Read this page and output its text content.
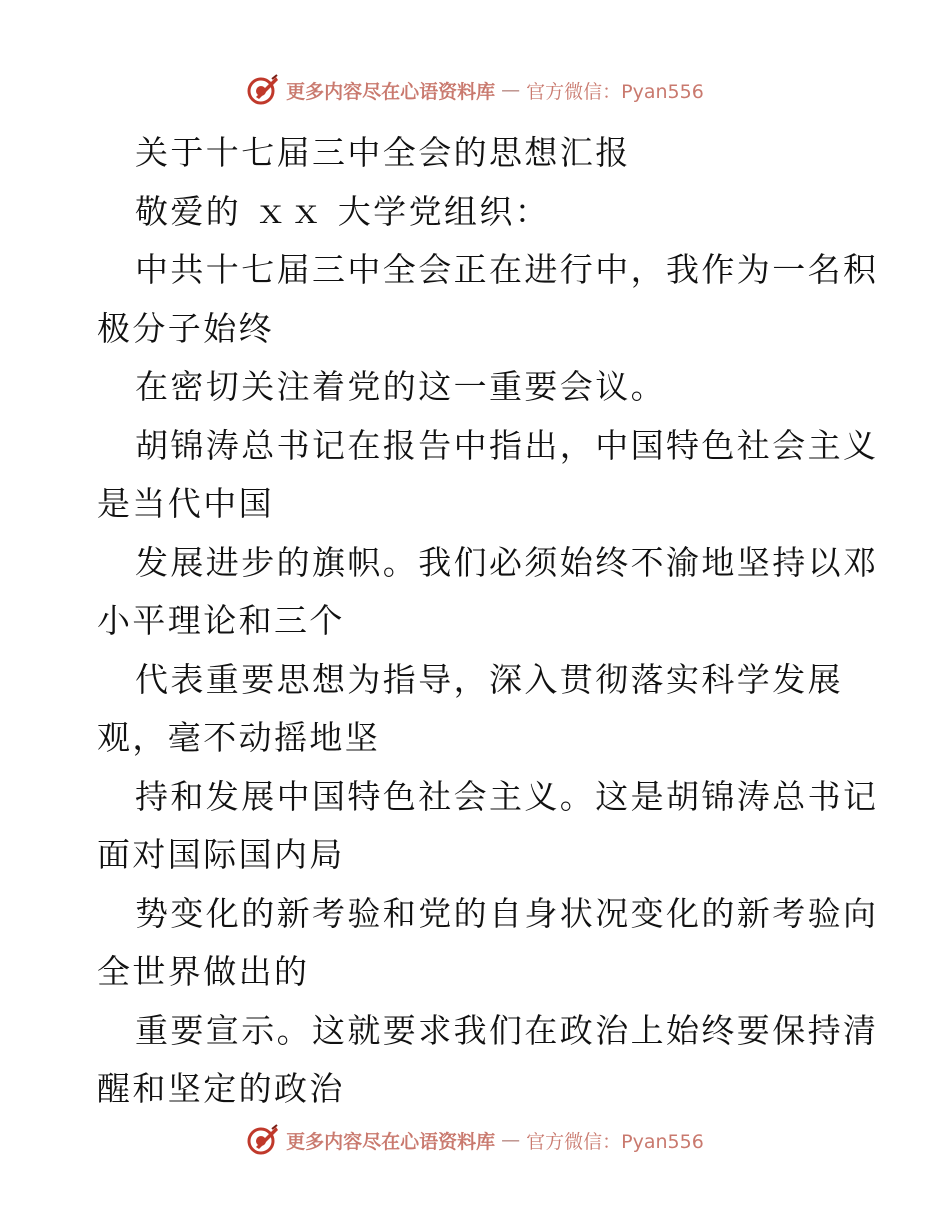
更多内容尽在心语资料库 — 官方微信：Pyan556
关于十七届三中全会的思想汇报
敬爱的 ｘｘ 大学党组织：
中共十七届三中全会正在进行中，我作为一名积
极分子始终
在密切关注着党的这一重要会议。
胡锦涛总书记在报告中指出，中国特色社会主义
是当代中国
发展进步的旗帜。我们必须始终不渝地坚持以邓
小平理论和三个
代表重要思想为指导，深入贯彻落实科学发展
观，毫不动摇地坚
持和发展中国特色社会主义。这是胡锦涛总书记
面对国际国内局
势变化的新考验和党的自身状况变化的新考验向
全世界做出的
重要宣示。这就要求我们在政治上始终要保持清
醒和坚定的政治
更多内容尽在心语资料库 — 官方微信：Pyan556
